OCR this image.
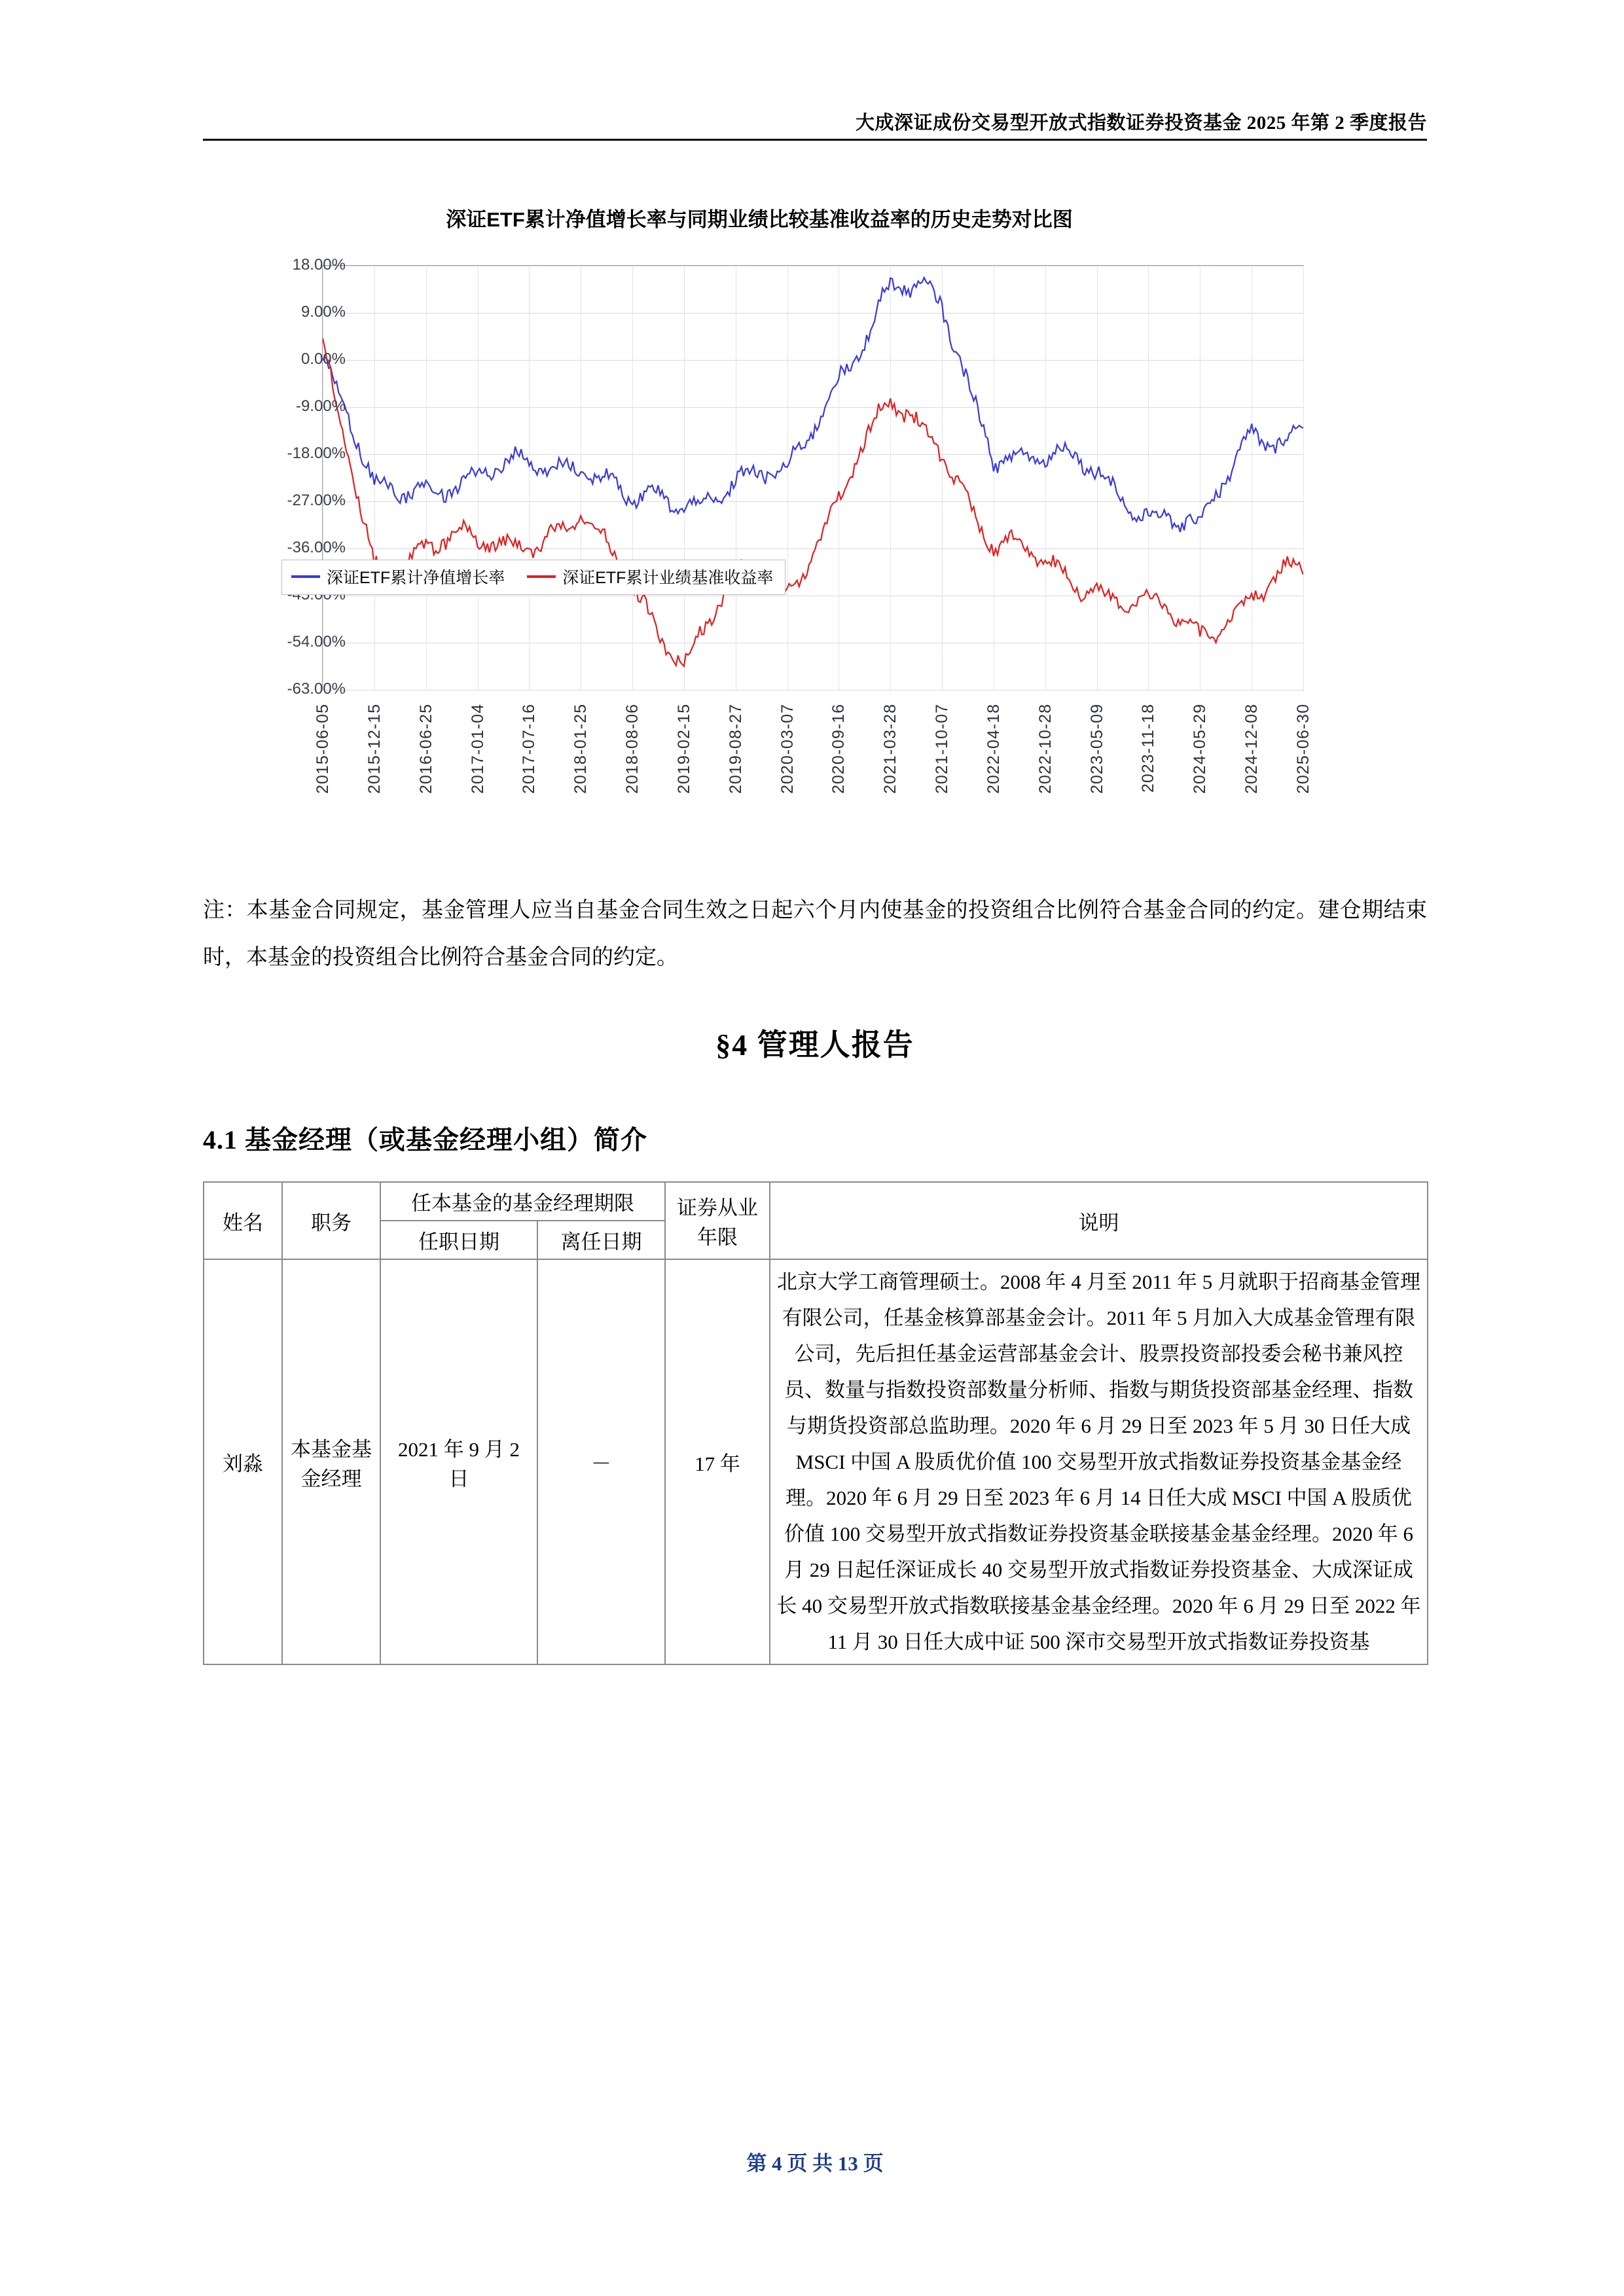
大成深证成份交易型开放式指数证券投资基金 2025 年第 2 季度报告
深证ETF累计净值增长率与同期业绩比较基准收益率的历史走势对比图
18.00%
9.00%
0.00%
-9.00%
-18.00%
-27.00%
-36.00%
-54.00%
-63.00%
2015-06-05 2015-12-15 2016-06-25 2017-01-04 2017-07-16 2018-01-25 2018-08-06 2019-02-15 2019-08-27 2020-03-07 2020-09-16 2021-03-28 2021-10-07 2022-04-18 2022-10-28 2023-05-09 2023-11-18 2024-05-29 2024-12-08 2025-06-30
深证ETF累计净值增长率	深证ETF累计业绩基准收益率
注：本基金合同规定，基金管理人应当自基金合同生效之日起六个月内使基金的投资组合比例符合基金合同的约定。建仓期结束时，本基金的投资组合比例符合基金合同的约定。
§4 管理人报告
4.1 基金经理（或基金经理小组）简介
姓名	职务	任本基金的基金经理期限		证券从业年限	说明
		任职日期	离任日期		
刘淼	本基金基金经理	2021 年 9 月 2 日	－	17 年	北京大学工商管理硕士。2008 年 4 月至 2011 年 5 月就职于招商基金管理有限公司，任基金核算部基金会计。2011 年 5 月加入大成基金管理有限公司，先后担任基金运营部基金会计、股票投资部投委会秘书兼风控员、数量与指数投资部数量分析师、指数与期货投资部基金经理、指数与期货投资部总监助理。2020 年 6 月 29 日至 2023 年 5 月 30 日任大成 MSCI 中国 A 股质优价值 100 交易型开放式指数证券投资基金基金经理。2020 年 6 月 29 日至 2023 年 6 月 14 日任大成 MSCI 中国 A 股质优价值 100 交易型开放式指数证券投资基金联接基金基金经理。2020 年 6 月 29 日起任深证成长 40 交易型开放式指数证券投资基金、大成深证成长 40 交易型开放式指数联接基金基金经理。2020 年 6 月 29 日至 2022 年 11 月 30 日任大成中证 500 深市交易型开放式指数证券投资基
第 4 页 共 13 页
